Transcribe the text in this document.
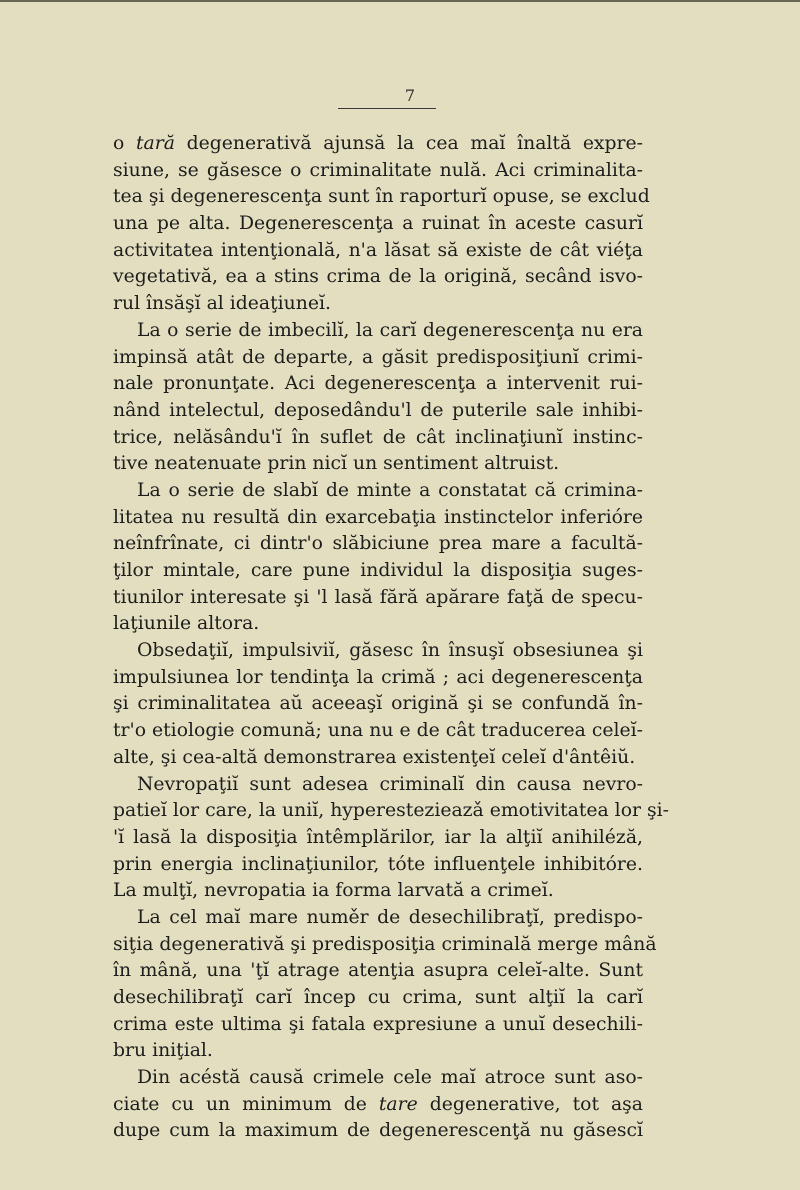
7
o tară degenerativă ajunsă la cea maĭ înaltă expre-
siune, se găsesce o criminalitate nulă. Aci criminalita-
tea şi degenerescenţa sunt în raporturĭ opuse, se exclud
una pe alta. Degenerescenţa a ruinat în aceste casurĭ
activitatea intenţională, n'a lăsat să existe de cât viéţa
vegetativă, ea a stins crima de la origină, secând isvo-
rul însăşĭ al ideaţiuneĭ.
La o serie de imbecilĭ, la carĭ degenerescenţa nu era
impinsă atât de departe, a găsit predisposiţiunĭ crimi-
nale pronunţate. Aci degenerescenţa a intervenit rui-
nând intelectul, deposedându'l de puterile sale inhibi-
trice, nelăsându'ĭ în suflet de cât inclinaţiunĭ instinc-
tive neatenuate prin nicĭ un sentiment altruist.
La o serie de slabĭ de minte a constatat că crimina-
litatea nu resultă din exarcebaţia instinctelor inferióre
neînfrînate, ci dintr'o slăbiciune prea mare a facultă-
ţilor mintale, care pune individul la disposiţia suges-
tiunilor interesate şi 'l lasă fără apărare faţă de specu-
laţiunile altora.
Obsedaţiĭ, impulsiviĭ, găsesc în însuşĭ obsesiunea şi
impulsiunea lor tendinţa la crimă ; aci degenerescenţa
şi criminalitatea aŭ aceeaşĭ origină şi se confundă în-
tr'o etiologie comună; una nu e de cât traducerea celeĭ-
alte, şi cea-altă demonstrarea existenţeĭ celeĭ d'ântêiŭ.
Nevropaţiĭ sunt adesea criminalĭ din causa nevro-
patieĭ lor care, la uniĭ, hyperestezieazǎ emotivitatea lor şi-
'ĭ lasă la disposiţia întêmplărilor, iar la alţiĭ anihiléză,
prin energia inclinaţiunilor, tóte influenţele inhibitóre.
La mulţĭ, nevropatia ia forma larvată a crimeĭ.
La cel maĭ mare numěr de desechilibraţĭ, predispo-
siţia degenerativă şi predisposiţia criminală merge mână
în mână, una 'ţĭ atrage atenţia asupra celeĭ-alte. Sunt
desechilibraţĭ carĭ încep cu crima, sunt alţiĭ la carĭ
crima este ultima şi fatala expresiune a unuĭ desechili-
bru iniţial.
Din acéstă causă crimele cele maĭ atroce sunt aso-
ciate cu un minimum de tare degenerative, tot aşa
dupe cum la maximum de degenerescenţă nu găsescĭ
